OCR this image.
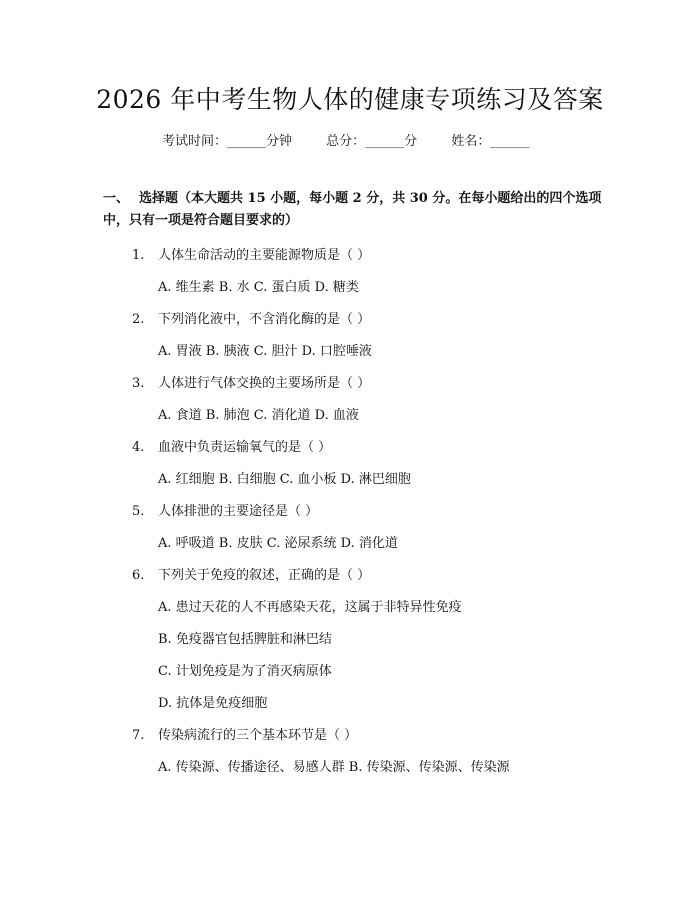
2026 年中考生物人体的健康专项练习及答案
考试时间：______分钟	总分：______分	姓名：______
一、 选择题（本大题共 15 小题，每小题 2 分，共 30 分。在每小题给出的四个选项中，只有一项是符合题目要求的）
1. 人体生命活动的主要能源物质是（ ）
A. 维生素 B. 水 C. 蛋白质 D. 糖类
2. 下列消化液中，不含消化酶的是（ ）
A. 胃液 B. 胰液 C. 胆汁 D. 口腔唾液
3. 人体进行气体交换的主要场所是（ ）
A. 食道 B. 肺泡 C. 消化道 D. 血液
4. 血液中负责运输氧气的是（ ）
A. 红细胞 B. 白细胞 C. 血小板 D. 淋巴细胞
5. 人体排泄的主要途径是（ ）
A. 呼吸道 B. 皮肤 C. 泌尿系统 D. 消化道
6. 下列关于免疫的叙述，正确的是（ ）
A. 患过天花的人不再感染天花，这属于非特异性免疫
B. 免疫器官包括脾脏和淋巴结
C. 计划免疫是为了消灭病原体
D. 抗体是免疫细胞
7. 传染病流行的三个基本环节是（ ）
A. 传染源、传播途径、易感人群 B. 传染源、传染源、传染源
